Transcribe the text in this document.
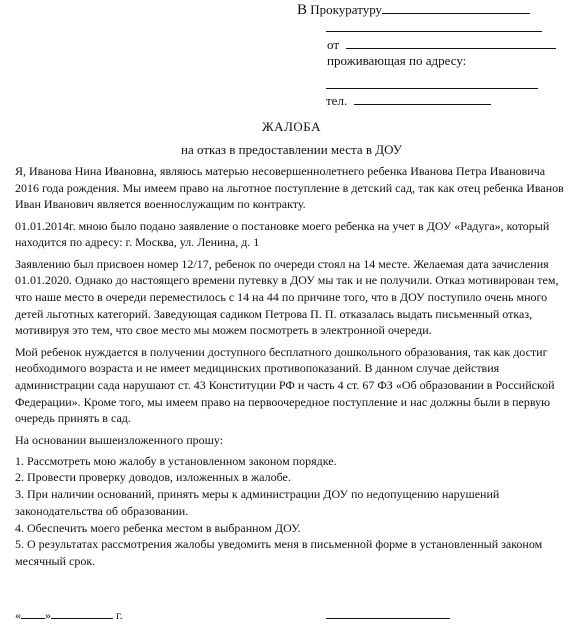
В Прокуратуру
от
проживающая по адресу:
тел.
ЖАЛОБА
на отказ в предоставлении места в ДОУ

Я, Иванова Нина Ивановна, являюсь матерью несовершеннолетнего ребенка Иванова Петра Ивановича 2016 года рождения. Мы имеем право на льготное поступление в детский сад, так как отец ребенка Иванов Иван Иванович является военнослужащим по контракту.

01.01.2014г. мною было подано заявление о постановке моего ребенка на учет в ДОУ «Радуга», который находится по адресу: г. Москва, ул. Ленина, д. 1

Заявлению был присвоен номер 12/17, ребенок по очереди стоял на 14 месте. Желаемая дата зачисления 01.01.2020. Однако до настоящего времени путевку в ДОУ мы так и не получили. Отказ мотивирован тем, что наше место в очереди переместилось с 14 на 44 по причине того, что в ДОУ поступило очень много детей льготных категорий. Заведующая садиком Петрова П. П. отказалась выдать письменный отказ, мотивируя это тем, что свое место мы можем посмотреть в электронной очереди.

Мой ребенок нуждается в получении доступного бесплатного дошкольного образования, так как достиг необходимого возраста и не имеет медицинских противопоказаний. В данном случае действия администрации сада нарушают ст. 43 Конституции РФ и часть 4 ст. 67 ФЗ «Об образовании в Российской Федерации». Кроме того, мы имеем право на первоочередное поступление и нас должны были в первую очередь принять в сад.

На основании вышеизложенного прошу:

1. Рассмотреть мою жалобу в установленном законом порядке.

2. Провести проверку доводов, изложенных в жалобе.

3. При наличии оснований, принять меры к администрации ДОУ по недопущению нарушений законодательства об образовании.

4. Обеспечить моего ребенка местом в выбранном ДОУ.

5. О результатах рассмотрения жалобы уведомить меня в письменной форме в установленный законом месячный срок.

« »	г.
